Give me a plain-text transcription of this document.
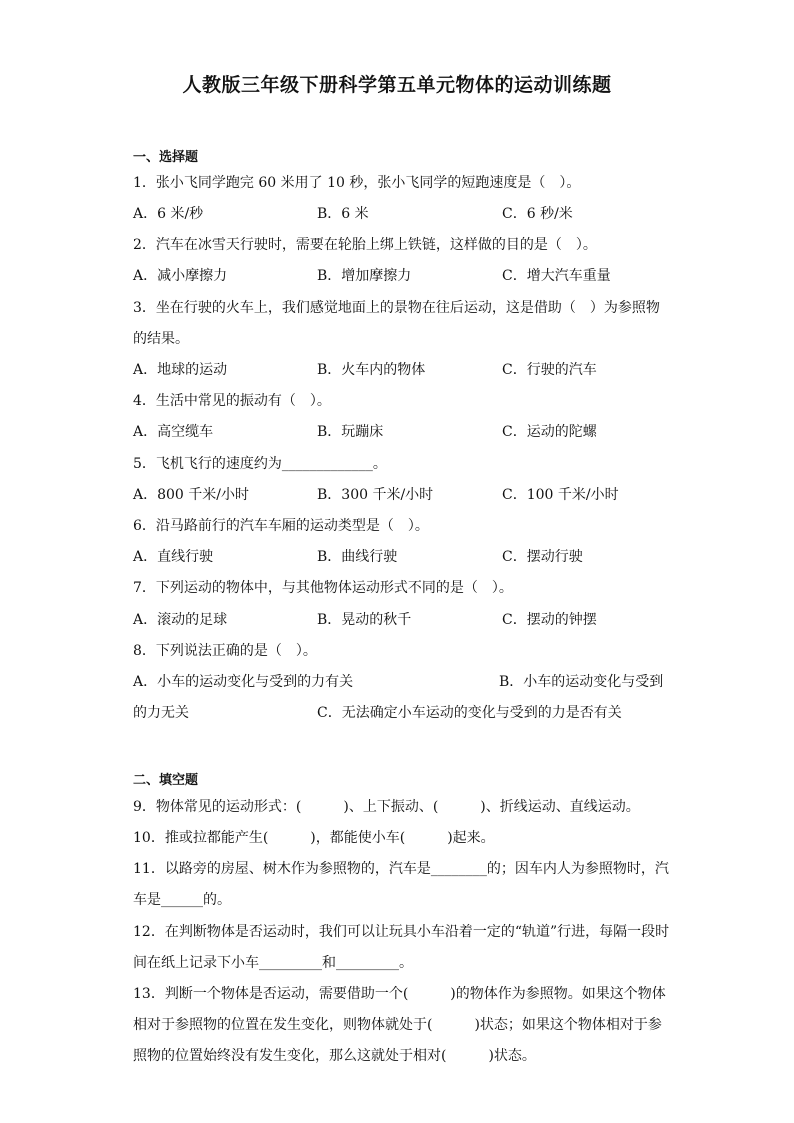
人教版三年级下册科学第五单元物体的运动训练题
一、选择题
1．张小飞同学跑完 60 米用了 10 秒，张小飞同学的短跑速度是（　）。
A．6 米/秒	B．6 米	C．6 秒/米
2．汽车在冰雪天行驶时，需要在轮胎上绑上铁链，这样做的目的是（　）。
A．减小摩擦力	B．增加摩擦力	C．增大汽车重量
3．坐在行驶的火车上，我们感觉地面上的景物在往后运动，这是借助（　）为参照物
的结果。
A．地球的运动	B．火车内的物体	C．行驶的汽车
4．生活中常见的振动有（　）。
A．高空缆车	B．玩蹦床	C．运动的陀螺
5．飞机飞行的速度约为_____________。
A．800 千米/小时	B．300 千米/小时	C．100 千米/小时
6．沿马路前行的汽车车厢的运动类型是（　）。
A．直线行驶	B．曲线行驶	C．摆动行驶
7．下列运动的物体中，与其他物体运动形式不同的是（　）。
A．滚动的足球	B．晃动的秋千	C．摆动的钟摆
8．下列说法正确的是（　）。
A．小车的运动变化与受到的力有关	B．小车的运动变化与受到
的力无关	C．无法确定小车运动的变化与受到的力是否有关
二、填空题
9．物体常见的运动形式：(　　　)、上下振动、(　　　)、折线运动、直线运动。
10．推或拉都能产生(　　　)，都能使小车(　　　)起来。
11．以路旁的房屋、树木作为参照物的，汽车是________的；因车内人为参照物时，汽
车是______的。
12．在判断物体是否运动时，我们可以让玩具小车沿着一定的“轨道”行进，每隔一段时
间在纸上记录下小车_________和_________。
13．判断一个物体是否运动，需要借助一个(　　　)的物体作为参照物。如果这个物体
相对于参照物的位置在发生变化，则物体就处于(　　　)状态；如果这个物体相对于参
照物的位置始终没有发生变化，那么这就处于相对(　　　)状态。
